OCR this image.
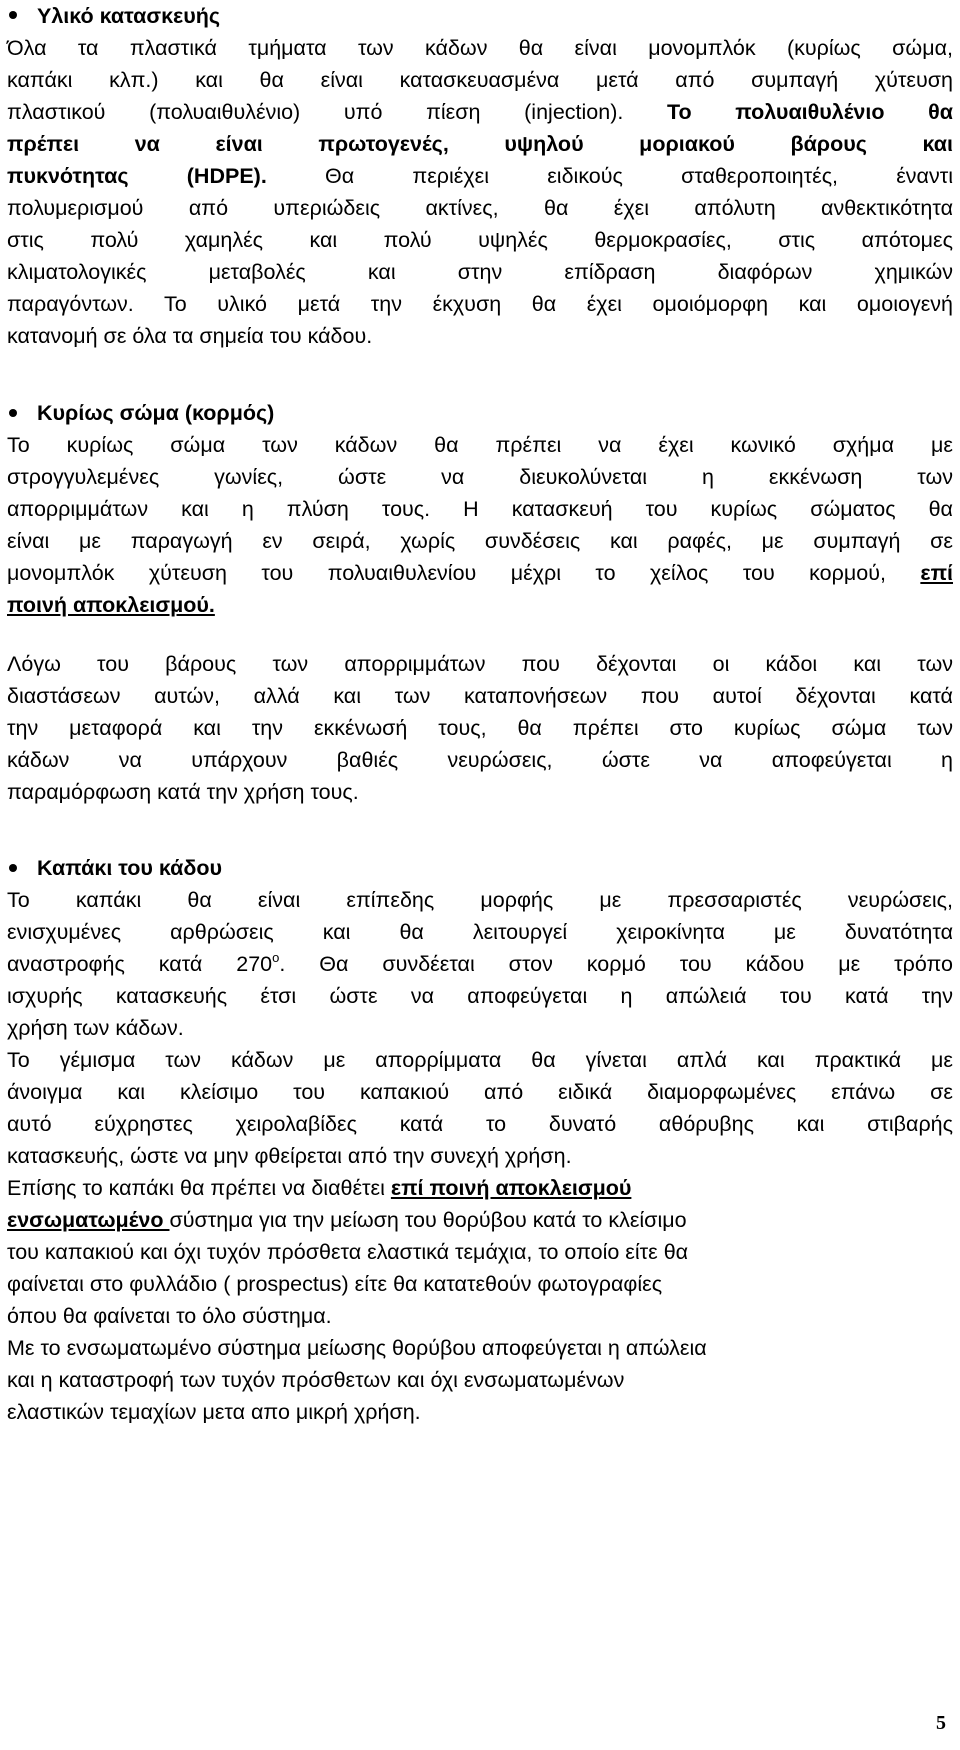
Υλικό κατασκευής
Όλα τα πλαστικά τμήματα των κάδων θα είναι μονομπλόκ (κυρίως σώμα,
καπάκι κλπ.) και θα είναι κατασκευασμένα μετά από συμπαγή χύτευση
πλαστικού (πολυαιθυλένιο) υπό πίεση (injection). Το πολυαιθυλένιο θα
πρέπει να είναι πρωτογενές, υψηλού μοριακού βάρους και
πυκνότητας (HDPE). Θα περιέχει ειδικούς σταθεροποιητές, έναντι
πολυμερισμού από υπεριώδεις ακτίνες, θα έχει απόλυτη ανθεκτικότητα
στις πολύ χαμηλές και πολύ υψηλές θερμοκρασίες, στις απότομες
κλιματολογικές μεταβολές και στην επίδραση διαφόρων χημικών
παραγόντων. Το υλικό μετά την έκχυση θα έχει ομοιόμορφη και ομοιογενή
κατανομή σε όλα τα σημεία του κάδου.
Κυρίως σώμα (κορμός)
Το κυρίως σώμα των κάδων θα πρέπει να έχει κωνικό σχήμα με
στρογγυλεμένες γωνίες, ώστε να διευκολύνεται η εκκένωση των
απορριμμάτων και η πλύση τους. Η κατασκευή του κυρίως σώματος θα
είναι με παραγωγή εν σειρά, χωρίς συνδέσεις και ραφές, με συμπαγή σε
μονομπλόκ χύτευση του πολυαιθυλενίου μέχρι το χείλος του κορμού, επί
ποινή αποκλεισμού.
Λόγω του βάρους των απορριμμάτων που δέχονται οι κάδοι και των
διαστάσεων αυτών, αλλά και των καταπονήσεων που αυτοί δέχονται κατά
την μεταφορά και την εκκένωσή τους, θα πρέπει στο κυρίως σώμα των
κάδων να υπάρχουν βαθιές νευρώσεις, ώστε να αποφεύγεται η
παραμόρφωση κατά την χρήση τους.
Καπάκι του κάδου
Το καπάκι θα είναι επίπεδης μορφής με πρεσσαριστές νευρώσεις,
ενισχυμένες αρθρώσεις και θα λειτουργεί χειροκίνητα με δυνατότητα
αναστροφής κατά $270^o$. Θα συνδέεται στον κορμό του κάδου με τρόπο
ισχυρής κατασκευής έτσι ώστε να αποφεύγεται η απώλειά του κατά την
χρήση των κάδων.
Το γέμισμα των κάδων με απορρίμματα θα γίνεται απλά και πρακτικά με
άνοιγμα και κλείσιμο του καπακιού από ειδικά διαμορφωμένες επάνω σε
αυτό εύχρηστες χειρολαβίδες κατά το δυνατό αθόρυβης και στιβαρής
κατασκευής, ώστε να μην φθείρεται από την συνεχή χρήση.
Επίσης το καπάκι θα πρέπει να διαθέτει επί ποινή αποκλεισμού
ενσωματωμένο σύστημα για την μείωση του θορύβου κατά το κλείσιμο
του καπακιού και όχι τυχόν πρόσθετα ελαστικά τεμάχια, το οποίο είτε θα
φαίνεται στο φυλλάδιο ( prospectus) είτε θα κατατεθούν φωτογραφίες
όπου θα φαίνεται το όλο σύστημα.
Με το ενσωματωμένο σύστημα μείωσης θορύβου αποφεύγεται η απώλεια
και η καταστροφή των τυχόν πρόσθετων και όχι ενσωματωμένων
ελαστικών τεμαχίων μετα απο μικρή χρήση.
5
